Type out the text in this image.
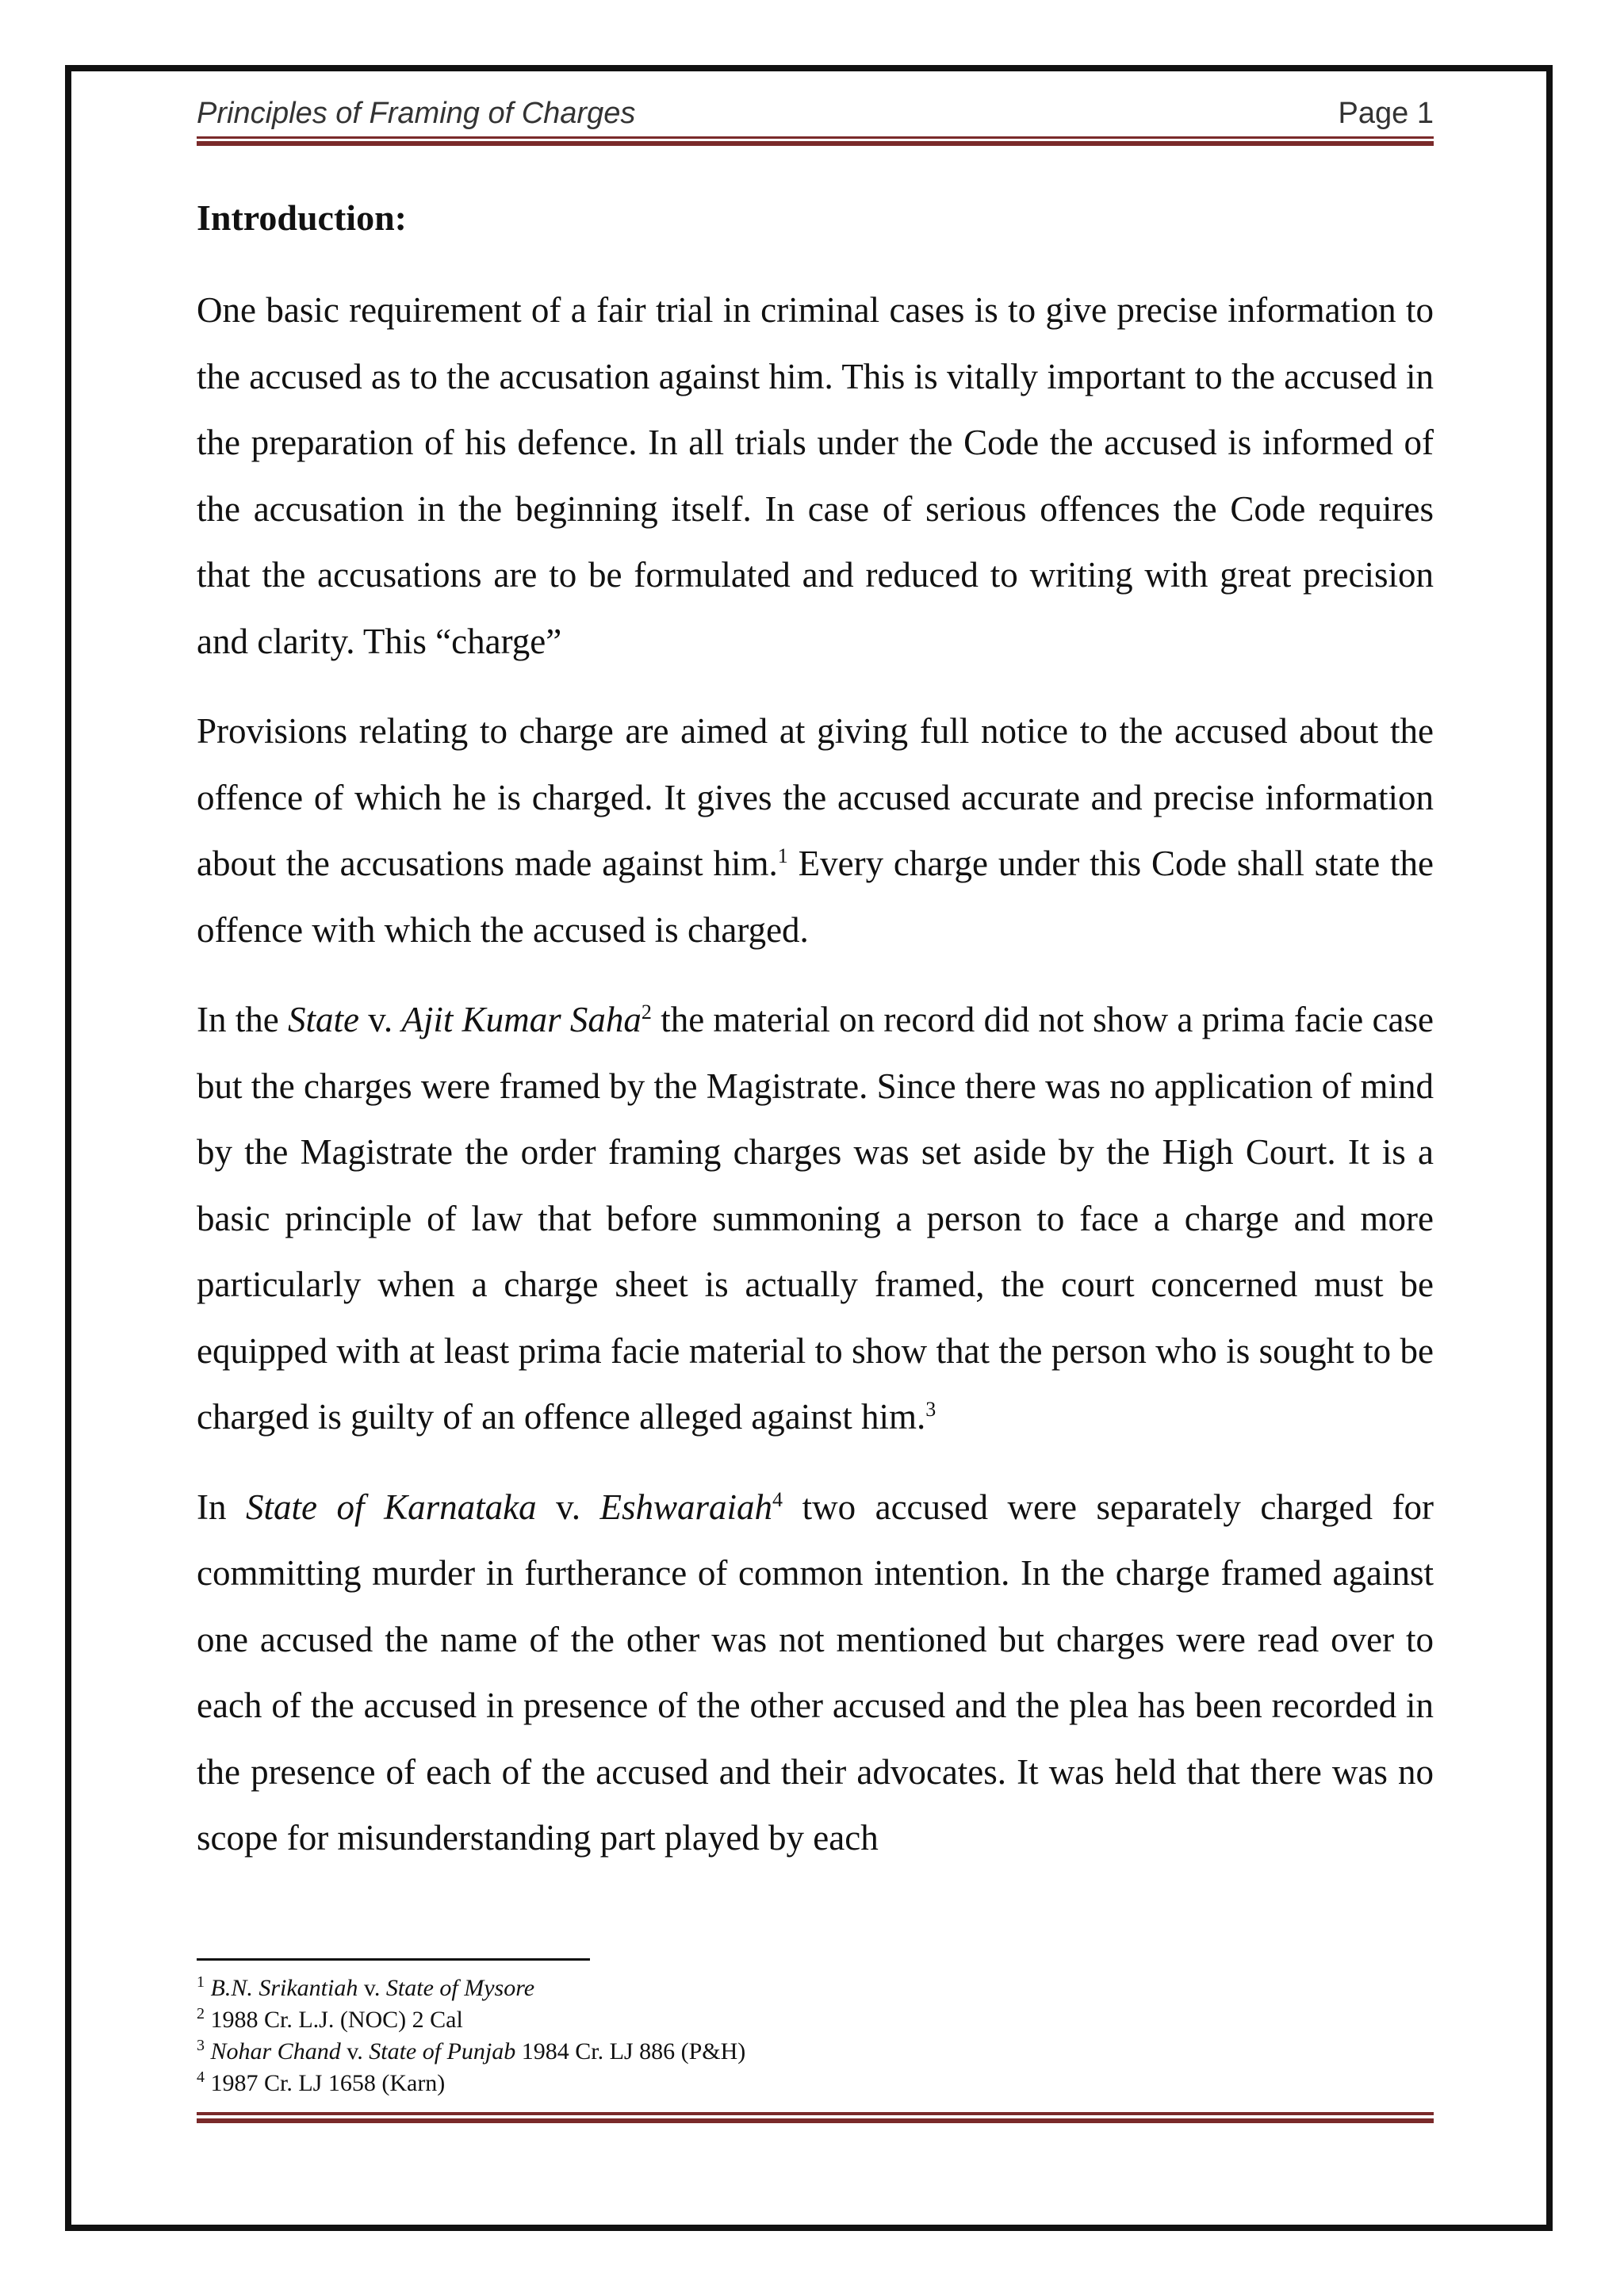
Principles of Framing of Charges	Page 1
Introduction:

One basic requirement of a fair trial in criminal cases is to give precise information to the accused as to the accusation against him. This is vitally important to the accused in the preparation of his defence. In all trials under the Code the accused is informed of the accusation in the beginning itself. In case of serious offences the Code requires that the accusations are to be formulated and reduced to writing with great precision and clarity. This “charge”

Provisions relating to charge are aimed at giving full notice to the accused about the offence of which he is charged. It gives the accused accurate and precise information about the accusations made against him.$^1$ Every charge under this Code shall state the offence with which the accused is charged.

In the State v. Ajit Kumar Saha$^2$ the material on record did not show a prima facie case but the charges were framed by the Magistrate. Since there was no application of mind by the Magistrate the order framing charges was set aside by the High Court. It is a basic principle of law that before summoning a person to face a charge and more particularly when a charge sheet is actually framed, the court concerned must be equipped with at least prima facie material to show that the person who is sought to be charged is guilty of an offence alleged against him.$^3$

In State of Karnataka v. Eshwaraiah$^4$ two accused were separately charged for committing murder in furtherance of common intention. In the charge framed against one accused the name of the other was not mentioned but charges were read over to each of the accused in presence of the other accused and the plea has been recorded in the presence of each of the accused and their advocates. It was held that there was no scope for misunderstanding part played by each

$^1$ B.N. Srikantiah v. State of Mysore
$^2$ 1988 Cr. L.J. (NOC) 2 Cal
$^3$ Nohar Chand v. State of Punjab 1984 Cr. LJ 886 (P&H)
$^4$ 1987 Cr. LJ 1658 (Karn)
